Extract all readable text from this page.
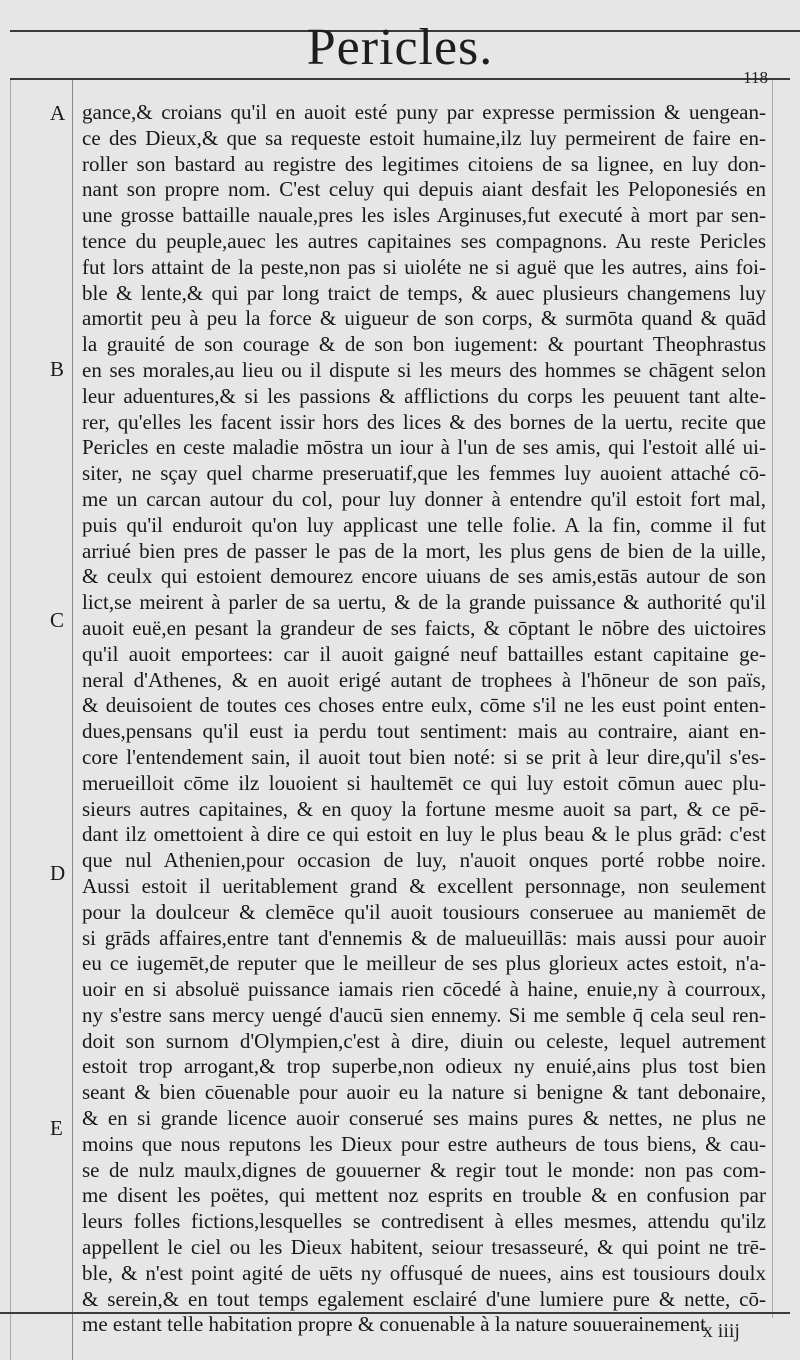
Pericles.
118
A
B
C
D
E
gance,& croians qu'il en auoit esté puny par expresse permission & uengean-
ce des Dieux,& que sa requeste estoit humaine,ilz luy permeirent de faire en-
roller son bastard au registre des legitimes citoiens de sa lignee, en luy don-
nant son propre nom. C'est celuy qui depuis aiant desfait les Peloponesiés en
une grosse battaille nauale,pres les isles Arginuses,fut executé à mort par sen-
tence du peuple,auec les autres capitaines ses compagnons. Au reste Pericles
fut lors attaint de la peste,non pas si uioléte ne si aguë que les autres, ains foi-
ble & lente,& qui par long traict de temps, & auec plusieurs changemens luy
amortit peu à peu la force & uigueur de son corps, & surmōta quand & quād
la grauité de son courage & de son bon iugement: & pourtant Theophrastus
en ses morales,au lieu ou il dispute si les meurs des hommes se chāgent selon
leur aduentures,& si les passions & afflictions du corps les peuuent tant alte-
rer, qu'elles les facent issir hors des lices & des bornes de la uertu, recite que
Pericles en ceste maladie mōstra un iour à l'un de ses amis, qui l'estoit allé ui-
siter, ne sçay quel charme preseruatif,que les femmes luy auoient attaché cō-
me un carcan autour du col, pour luy donner à entendre qu'il estoit fort mal,
puis qu'il enduroit qu'on luy applicast une telle folie. A la fin, comme il fut
arriué bien pres de passer le pas de la mort, les plus gens de bien de la uille,
& ceulx qui estoient demourez encore uiuans de ses amis,estās autour de son
lict,se meirent à parler de sa uertu, & de la grande puissance & authorité qu'il
auoit euë,en pesant la grandeur de ses faicts, & cōptant le nōbre des uictoires
qu'il auoit emportees: car il auoit gaigné neuf battailles estant capitaine ge-
neral d'Athenes, & en auoit erigé autant de trophees à l'hōneur de son païs,
& deuisoient de toutes ces choses entre eulx, cōme s'il ne les eust point enten-
dues,pensans qu'il eust ia perdu tout sentiment: mais au contraire, aiant en-
core l'entendement sain, il auoit tout bien noté: si se prit à leur dire,qu'il s'es-
merueilloit cōme ilz louoient si haultemēt ce qui luy estoit cōmun auec plu-
sieurs autres capitaines, & en quoy la fortune mesme auoit sa part, & ce pē-
dant ilz omettoient à dire ce qui estoit en luy le plus beau & le plus grād: c'est
que nul Athenien,pour occasion de luy, n'auoit onques porté robbe noire.
Aussi estoit il ueritablement grand & excellent personnage, non seulement
pour la doulceur & clemēce qu'il auoit tousiours conseruee au maniemēt de
si grāds affaires,entre tant d'ennemis & de malueuillās: mais aussi pour auoir
eu ce iugemēt,de reputer que le meilleur de ses plus glorieux actes estoit, n'a-
uoir en si absoluë puissance iamais rien cōcedé à haine, enuie,ny à courroux,
ny s'estre sans mercy uengé d'aucū sien ennemy. Si me semble q̄ cela seul ren-
doit son surnom d'Olympien,c'est à dire, diuin ou celeste, lequel autrement
estoit trop arrogant,& trop superbe,non odieux ny enuié,ains plus tost bien
seant & bien cōuenable pour auoir eu la nature si benigne & tant debonaire,
& en si grande licence auoir conserué ses mains pures & nettes, ne plus ne
moins que nous reputons les Dieux pour estre autheurs de tous biens, & cau-
se de nulz maulx,dignes de gouuerner & regir tout le monde: non pas com-
me disent les poëtes, qui mettent noz esprits en trouble & en confusion par
leurs folles fictions,lesquelles se contredisent à elles mesmes, attendu qu'ilz
appellent le ciel ou les Dieux habitent, seiour tresasseuré, & qui point ne trē-
ble, & n'est point agité de uēts ny offusqué de nuees, ains est tousiours doulx
& serein,& en tout temps egalement esclairé d'une lumiere pure & nette, cō-
me estant telle habitation propre & conuenable à la nature souuerainement
x iiij
